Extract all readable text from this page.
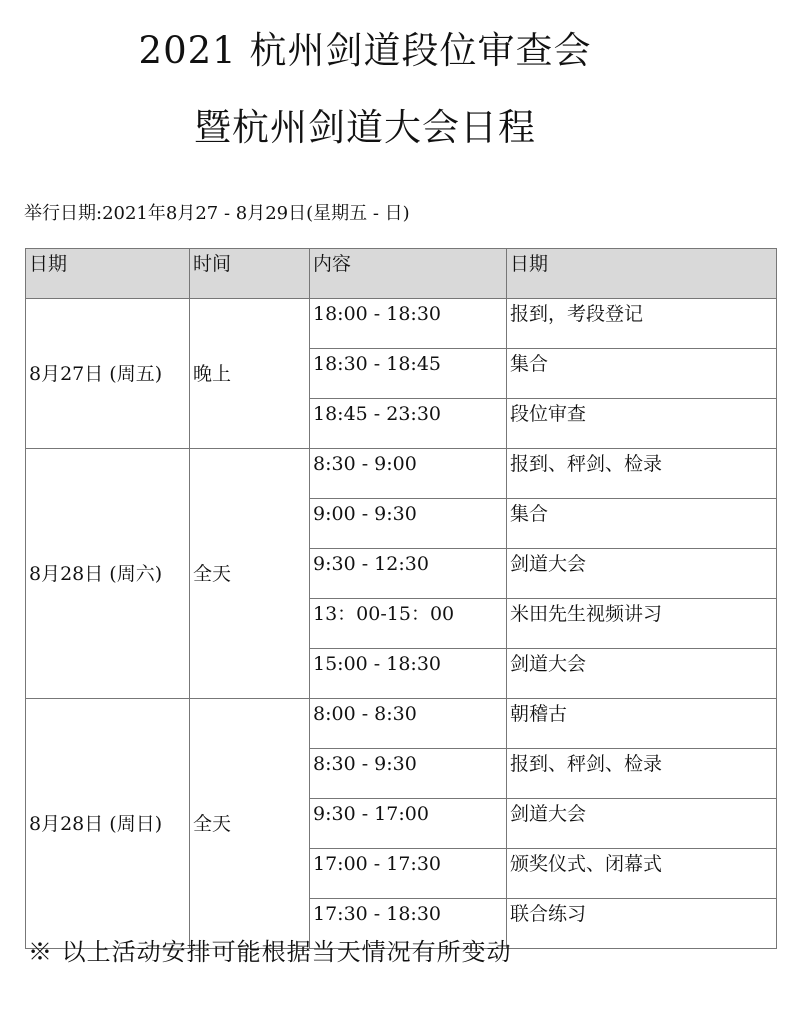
2021 杭州剑道段位审查会
暨杭州剑道大会日程
举行日期:2021年8月27 - 8月29日(星期五 - 日)
日期	时间	内容	日期
8月27日 (周五)	晚上	18:00 - 18:30	报到，考段登记
		18:30 - 18:45	集合
		18:45 - 23:30	段位审查
8月28日 (周六)	全天	8:30 - 9:00	报到、秤剑、检录
		9:00 - 9:30	集合
		9:30 - 12:30	剑道大会
		13：00-15：00	米田先生视频讲习
		15:00 - 18:30	剑道大会
8月28日 (周日)	全天	8:00 - 8:30	朝稽古
		8:30 - 9:30	报到、秤剑、检录
		9:30 - 17:00	剑道大会
		17:00 - 17:30	颁奖仪式、闭幕式
		17:30 - 18:30	联合练习
※ 以上活动安排可能根据当天情况有所变动
